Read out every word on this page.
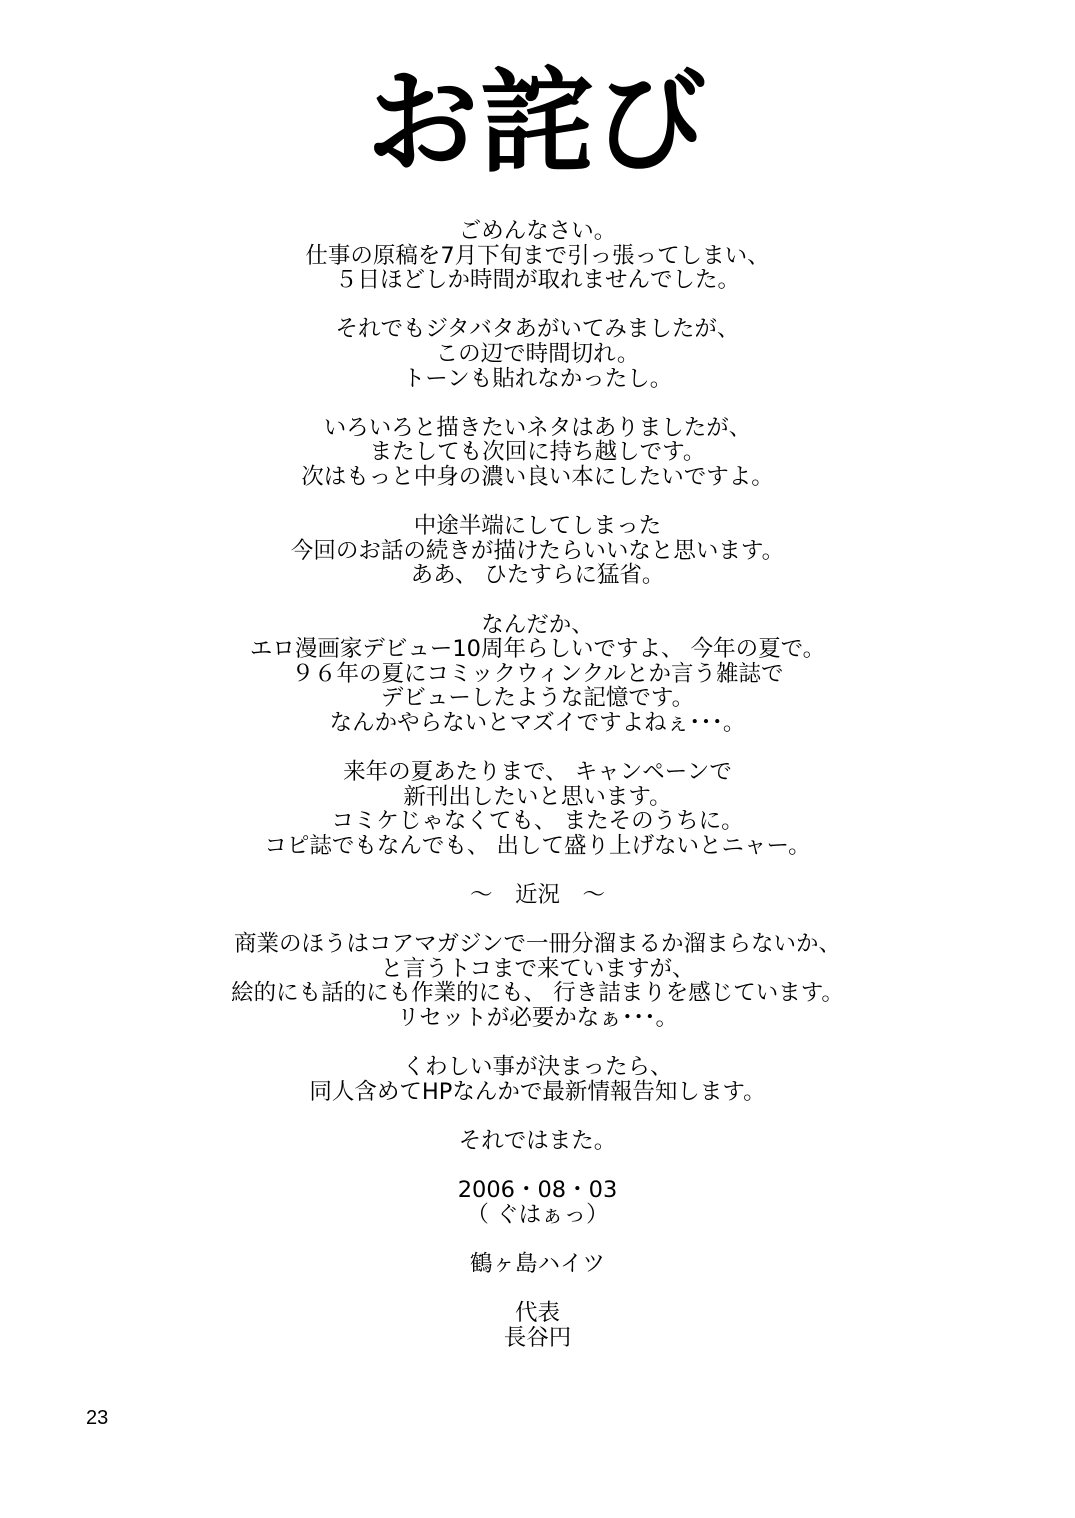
お詫び
ごめんなさい。
仕事の原稿を7月下旬まで引っ張ってしまい、
５日ほどしか時間が取れませんでした。
それでもジタバタあがいてみましたが、
この辺で時間切れ。
トーンも貼れなかったし。
いろいろと描きたいネタはありましたが、
またしても次回に持ち越しです。
次はもっと中身の濃い良い本にしたいですよ。
中途半端にしてしまった
今回のお話の続きが描けたらいいなと思います。
ああ、 ひたすらに猛省。
なんだか、
エロ漫画家デビュー10周年らしいですよ、 今年の夏で。
９６年の夏にコミックウィンクルとか言う雑誌で
デビューしたような記憶です。
なんかやらないとマズイですよねぇ･･･。
来年の夏あたりまで、 キャンペーンで
新刊出したいと思います。
コミケじゃなくても、 またそのうちに。
コピ誌でもなんでも、 出して盛り上げないとニャー。
～　近況　～
商業のほうはコアマガジンで一冊分溜まるか溜まらないか、
と言うトコまで来ていますが、
絵的にも話的にも作業的にも、 行き詰まりを感じています。
リセットが必要かなぁ･･･。
くわしい事が決まったら、
同人含めてHPなんかで最新情報告知します。
それではまた。
2006・08・03
（ ぐはぁっ）
鶴ヶ島ハイツ
代表
長谷円
23
